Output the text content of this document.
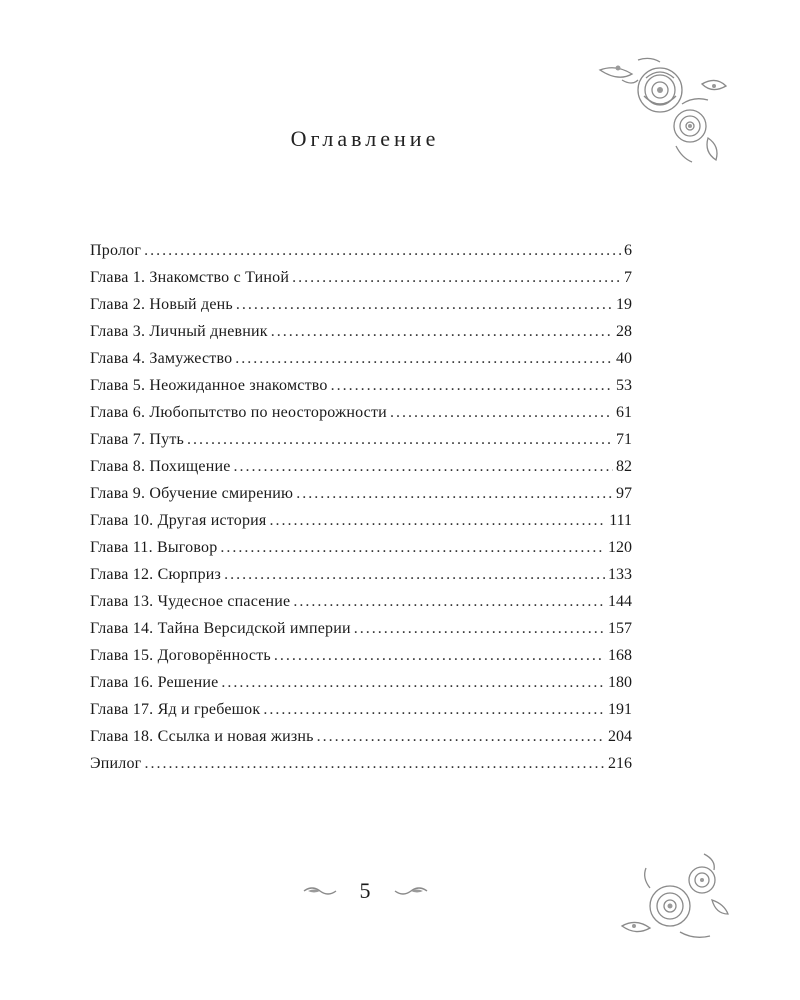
Оглавление
Пролог . . .	6
Глава 1. Знакомство с Тиной . . .	7
Глава 2. Новый день . . .	19
Глава 3. Личный дневник . . .	28
Глава 4. Замужество . . .	40
Глава 5. Неожиданное знакомство . . .	53
Глава 6. Любопытство по неосторожности . . .	61
Глава 7. Путь . . .	71
Глава 8. Похищение . . .	82
Глава 9. Обучение смирению . . .	97
Глава 10. Другая история . . .	111
Глава 11. Выговор . . .	120
Глава 12. Сюрприз . . .	133
Глава 13. Чудесное спасение . . .	144
Глава 14. Тайна Версидской империи . . .	157
Глава 15. Договорённость . . .	168
Глава 16. Решение . . .	180
Глава 17. Яд и гребешок . . .	191
Глава 18. Ссылка и новая жизнь . . .	204
Эпилог . . .	216
5
